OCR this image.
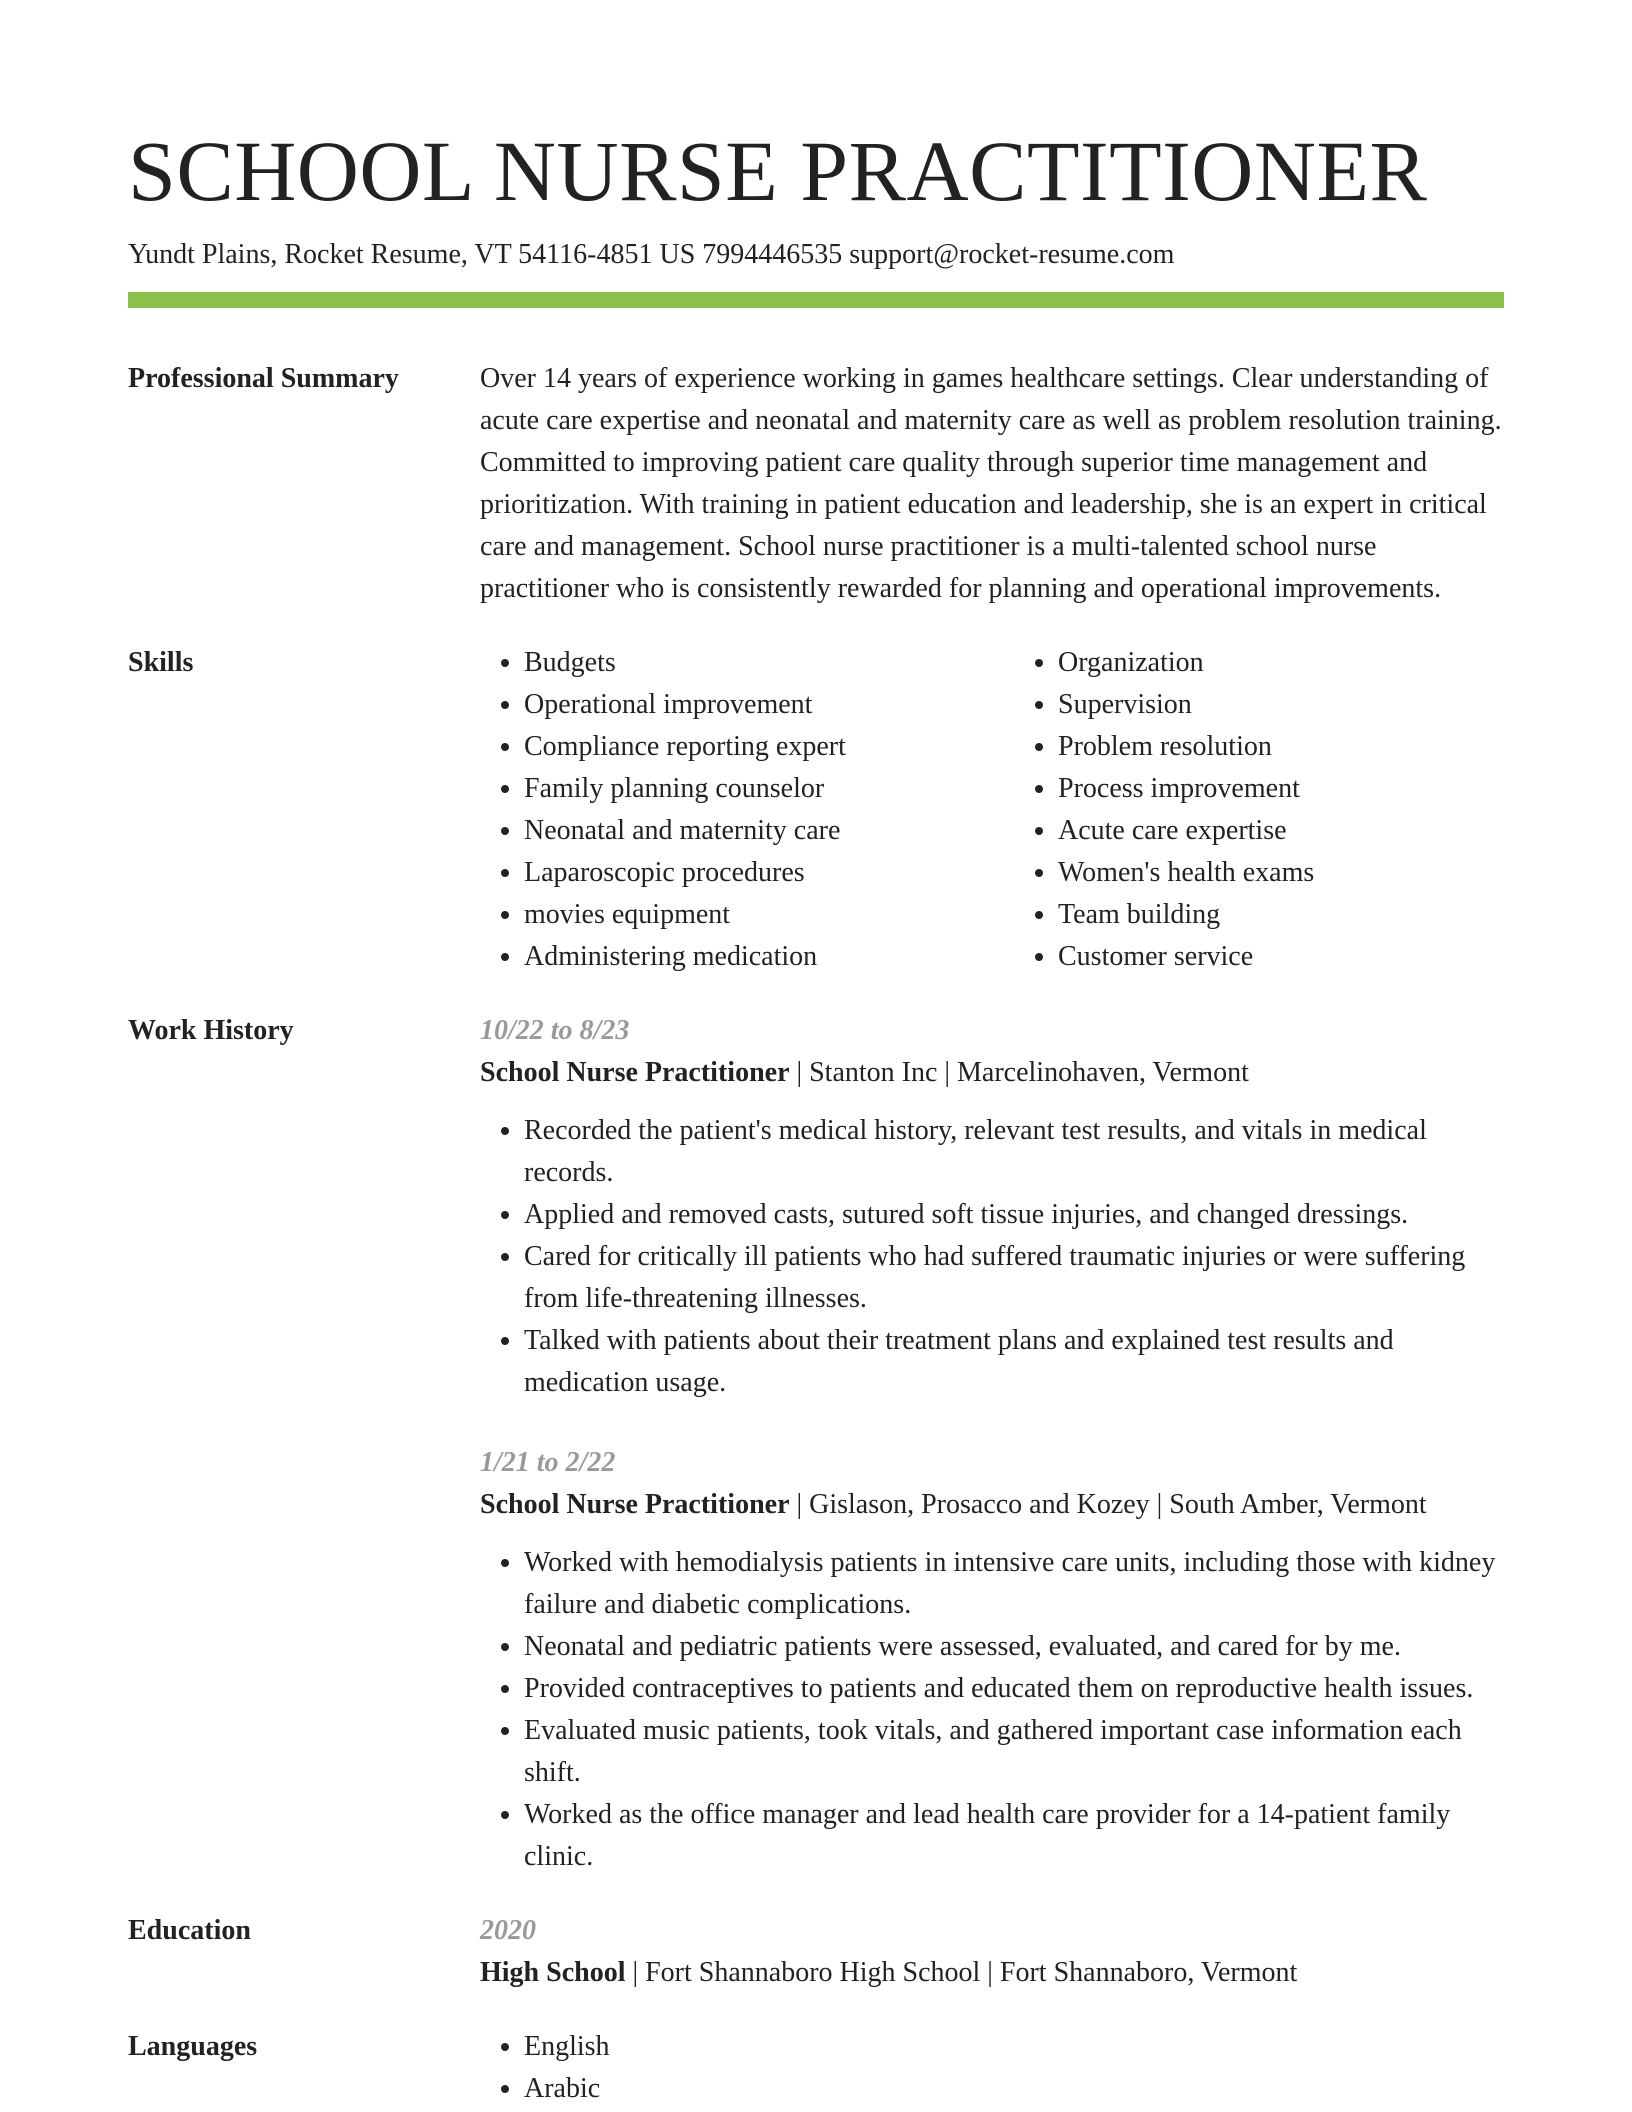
SCHOOL NURSE PRACTITIONER
Yundt Plains, Rocket Resume, VT 54116-4851 US 7994446535 support@rocket-resume.com
Professional Summary	Over 14 years of experience working in games healthcare settings. Clear understanding of acute care expertise and neonatal and maternity care as well as problem resolution training. Committed to improving patient care quality through superior time management and prioritization. With training in patient education and leadership, she is an expert in critical care and management. School nurse practitioner is a multi-talented school nurse practitioner who is consistently rewarded for planning and operational improvements.

Skills	• Budgets
• Operational improvement
• Compliance reporting expert
• Family planning counselor
• Neonatal and maternity care
• Laparoscopic procedures
• movies equipment
• Administering medication
• Organization
• Supervision
• Problem resolution
• Process improvement
• Acute care expertise
• Women's health exams
• Team building
• Customer service
Work History	10/22 to 8/23
School Nurse Practitioner | Stanton Inc | Marcelinohaven, Vermont
• Recorded the patient's medical history, relevant test results, and vitals in medical records.
• Applied and removed casts, sutured soft tissue injuries, and changed dressings.
• Cared for critically ill patients who had suffered traumatic injuries or were suffering from life-threatening illnesses.
• Talked with patients about their treatment plans and explained test results and medication usage.
1/21 to 2/22
School Nurse Practitioner | Gislason, Prosacco and Kozey | South Amber, Vermont
• Worked with hemodialysis patients in intensive care units, including those with kidney failure and diabetic complications.
• Neonatal and pediatric patients were assessed, evaluated, and cared for by me.
• Provided contraceptives to patients and educated them on reproductive health issues.
• Evaluated music patients, took vitals, and gathered important case information each shift.
• Worked as the office manager and lead health care provider for a 14-patient family clinic.
Education	2020
High School | Fort Shannaboro High School | Fort Shannaboro, Vermont
Languages	• English
• Arabic
